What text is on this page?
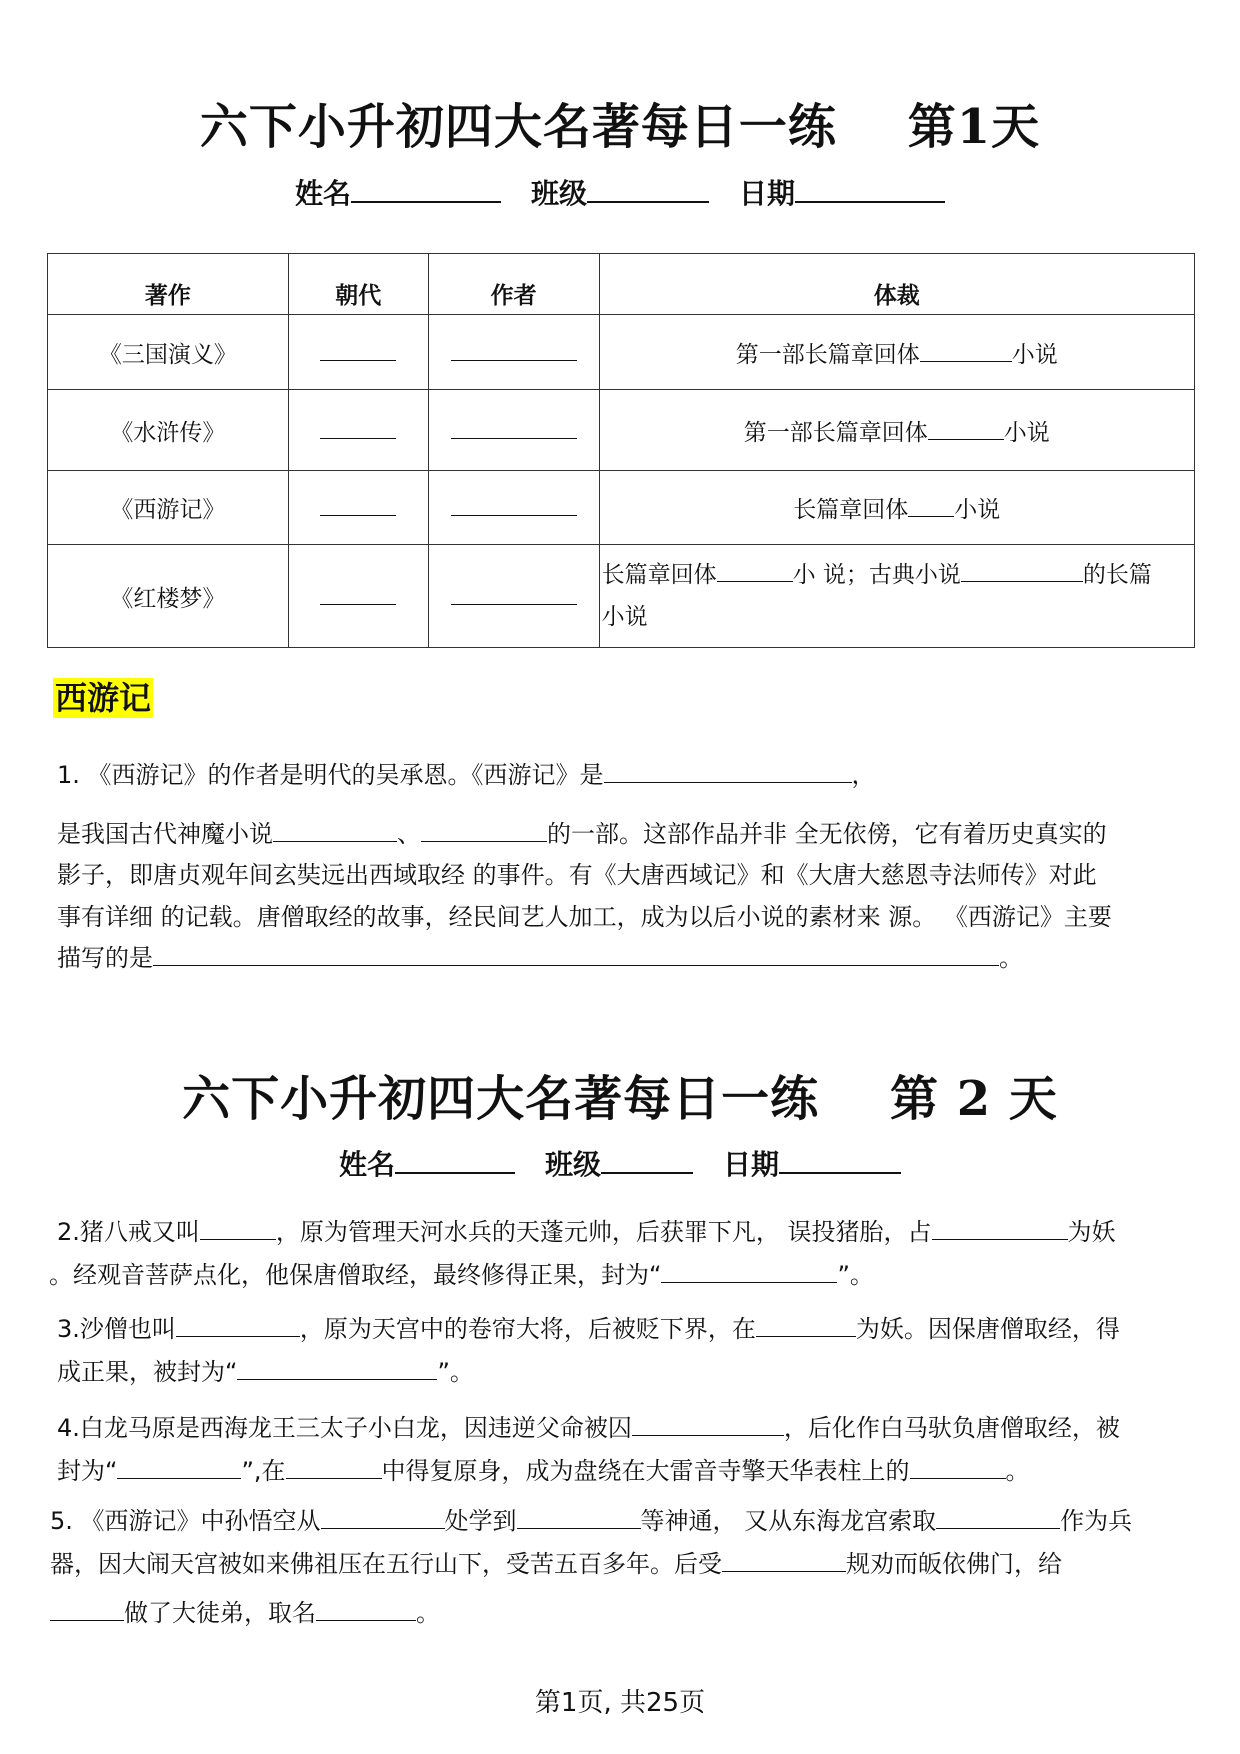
六下小升初四大名著每日一练    第1天
姓名	班级	日期
著作	朝代	作者	体裁
《三国演义》			第一部长篇章回体 小说
《水浒传》			第一部长篇章回体 小说
《西游记》			长篇章回体 小说
《红楼梦》			长篇章回体 小 说；古典小说 的长篇
小说
西游记
1. 《西游记》的作者是明代的吴承恩。《西游记》是	，
是我国古代神魔小说	、	的一部。这部作品并非 全无依傍，它有着历史真实的
影子，即唐贞观年间玄奘远出西域取经 的事件。有《大唐西域记》和《大唐大慈恩寺法师传》对此
事有详细 的记载。唐僧取经的故事，经民间艺人加工，成为以后小说的素材来 源。 《西游记》主要
描写的是	。
六下小升初四大名著每日一练    第 2 天
姓名	班级	日期
2.猪八戒又叫	，原为管理天河水兵的天蓬元帅，后获罪下凡， 误投猪胎，占	为妖
。经观音菩萨点化，他保唐僧取经，最终修得正果，封为“	”。
3.沙僧也叫	，原为天宫中的卷帘大将，后被贬下界，在	为妖。因保唐僧取经，得
成正果，被封为“	”。
4.白龙马原是西海龙王三太子小白龙，因违逆父命被囚	，后化作白马驮负唐僧取经，被
封为“	”,在	中得复原身，成为盘绕在大雷音寺擎天华表柱上的	。
5. 《西游记》中孙悟空从	处学到	等神通， 又从东海龙宫索取	作为兵
器，因大闹天宫被如来佛祖压在五行山下，受苦五百多年。后受	规劝而皈依佛门，给
做了大徒弟，取名	。
第1页, 共25页
